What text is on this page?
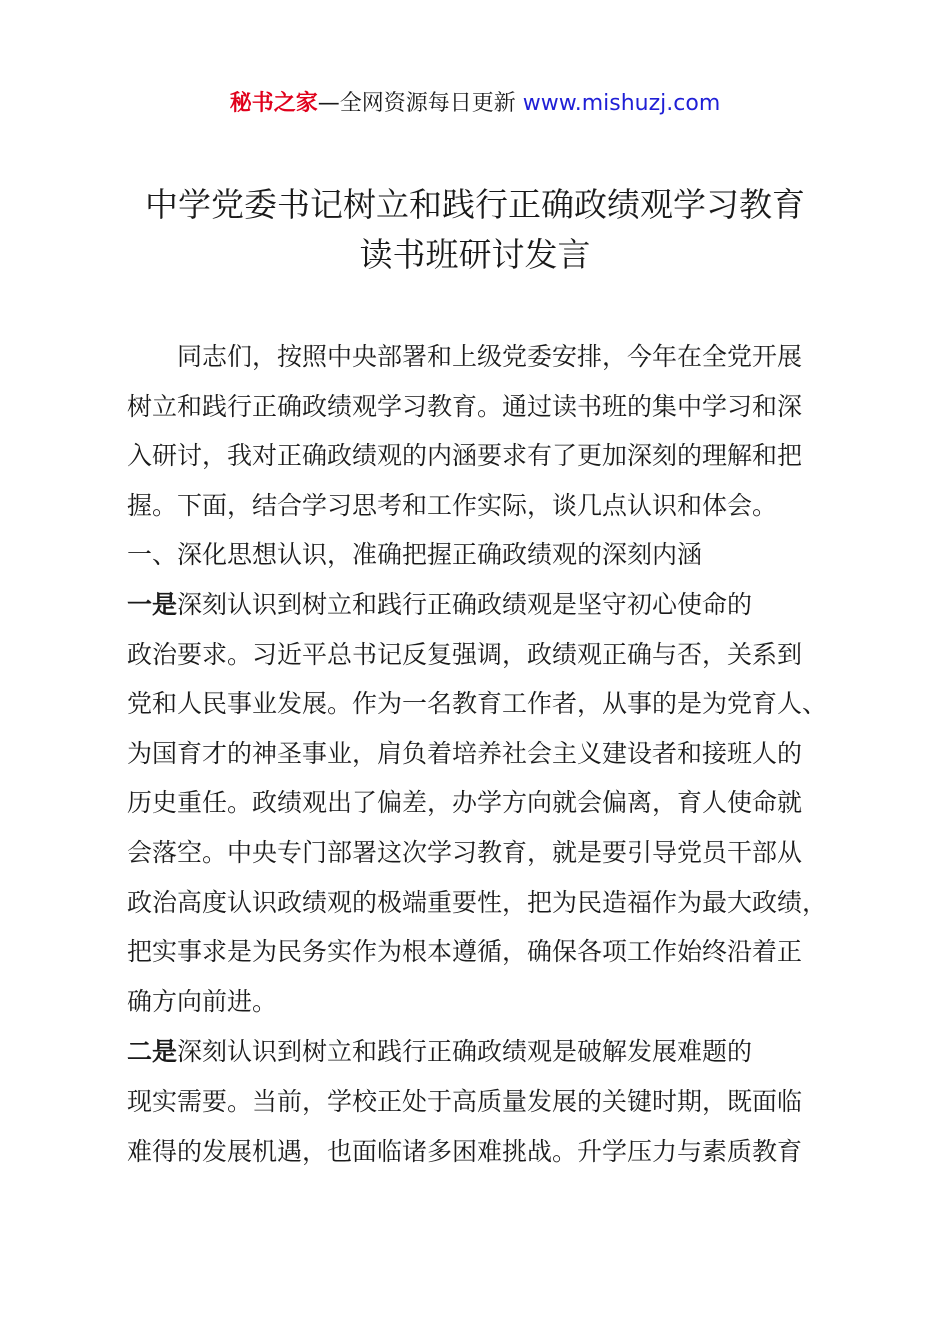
秘书之家—全网资源每日更新 www.mishuzj.com
中学党委书记树立和践行正确政绩观学习教育
读书班研讨发言

同志们，按照中央部署和上级党委安排，今年在全党开展
树立和践行正确政绩观学习教育。通过读书班的集中学习和深
入研讨，我对正确政绩观的内涵要求有了更加深刻的理解和把
握。下面，结合学习思考和工作实际，谈几点认识和体会。

一、深化思想认识，准确把握正确政绩观的深刻内涵

一是深刻认识到树立和践行正确政绩观是坚守初心使命的
政治要求。习近平总书记反复强调，政绩观正确与否，关系到
党和人民事业发展。作为一名教育工作者，从事的是为党育人、
为国育才的神圣事业，肩负着培养社会主义建设者和接班人的
历史重任。政绩观出了偏差，办学方向就会偏离，育人使命就
会落空。中央专门部署这次学习教育，就是要引导党员干部从
政治高度认识政绩观的极端重要性，把为民造福作为最大政绩，
把实事求是为民务实作为根本遵循，确保各项工作始终沿着正
确方向前进。

二是深刻认识到树立和践行正确政绩观是破解发展难题的
现实需要。当前，学校正处于高质量发展的关键时期，既面临
难得的发展机遇，也面临诸多困难挑战。升学压力与素质教育
